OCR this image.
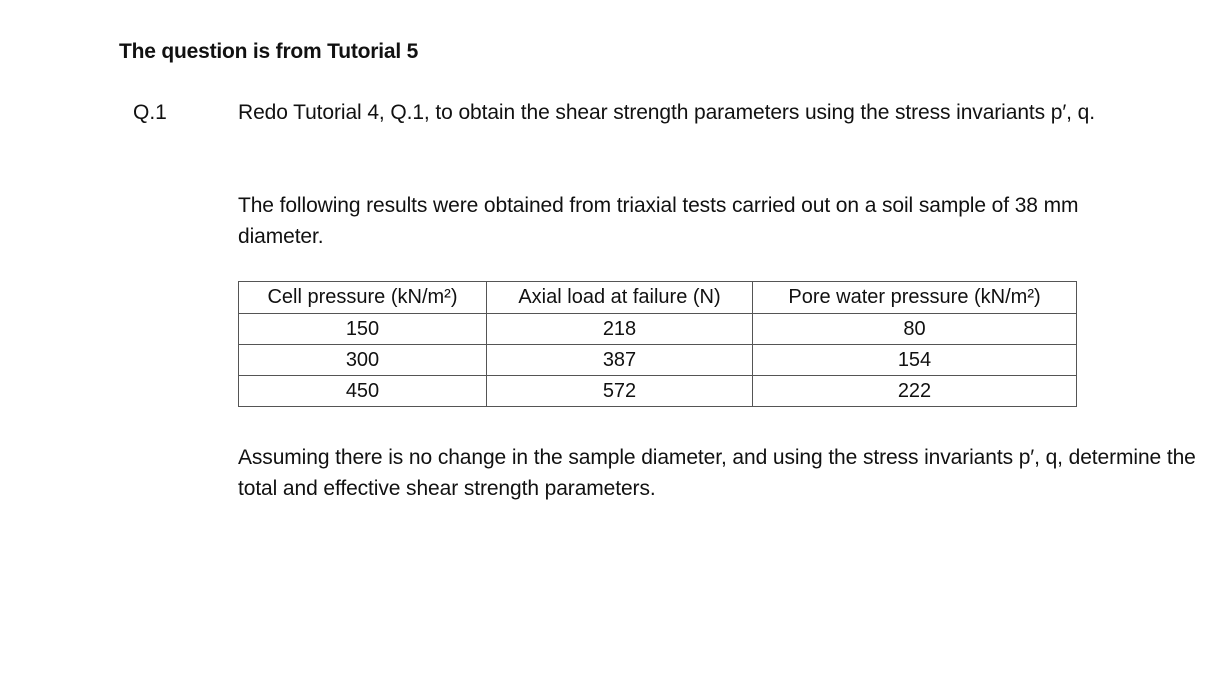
The question is from Tutorial 5
Q.1	Redo Tutorial 4, Q.1, to obtain the shear strength parameters using the stress invariants p′, q.
The following results were obtained from triaxial tests carried out on a soil sample of 38 mm diameter.
Cell pressure (kN/m²)	Axial load at failure (N)	Pore water pressure (kN/m²)
150	218	80
300	387	154
450	572	222
Assuming there is no change in the sample diameter, and using the stress invariants p′, q, determine the total and effective shear strength parameters.
